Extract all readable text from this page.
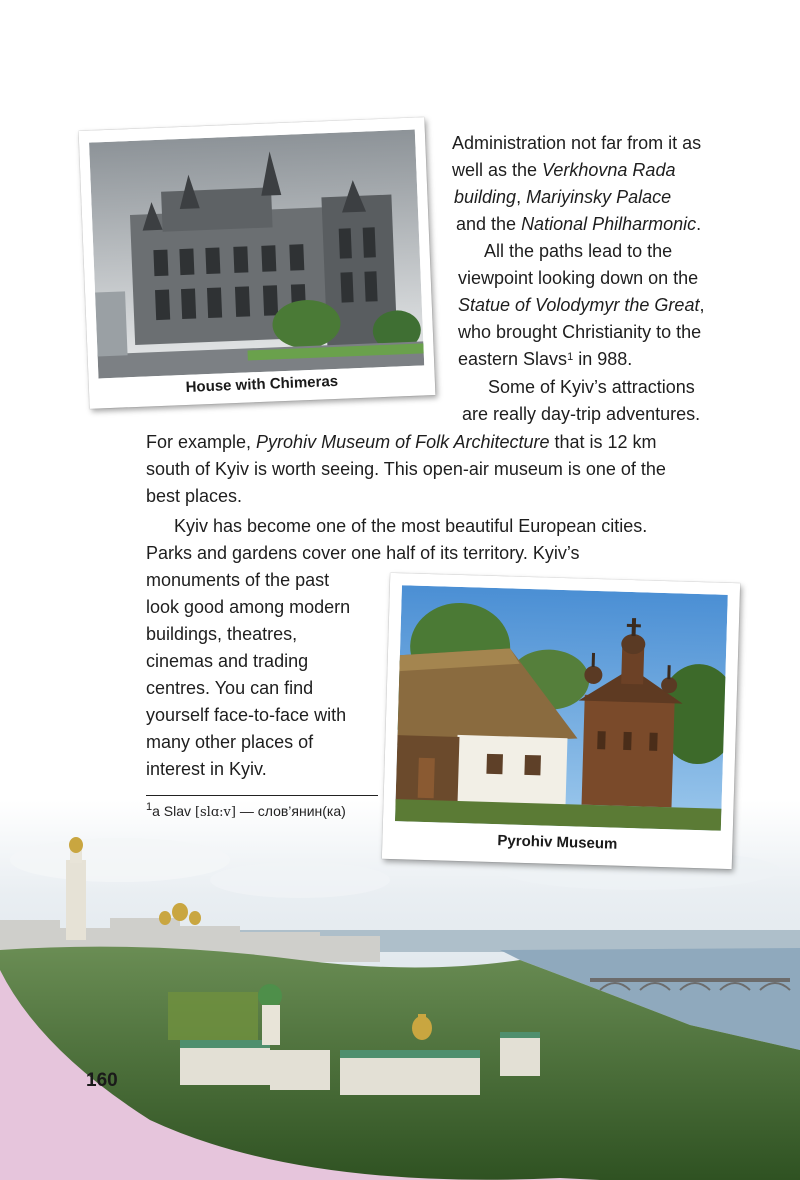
House with Chimeras
Pyrohiv Museum
Administration not far from it as
well as the Verkhovna Rada
building, Mariyinsky Palace
and the National Philharmonic.
All the paths lead to the
viewpoint looking down on the
Statue of Volodymyr the Great,
who brought Christianity to the
eastern Slavs$^1$ in 988.
Some of Kyiv’s attractions
are really day-trip adventures.
For example, Pyrohiv Museum of Folk Architecture that is 12 km
south of Kyiv is worth seeing. This open-air museum is one of the
best places.
Kyiv has become one of the most beautiful European cities.
Parks and gardens cover one half of its territory. Kyiv’s
monuments of the past
look good among modern
buildings, theatres,
cinemas and trading
centres. You can find
yourself face-to-face with
many other places of
interest in Kyiv.
$^1$a Slav [slɑ:v] — слов’янин(ка)
160
